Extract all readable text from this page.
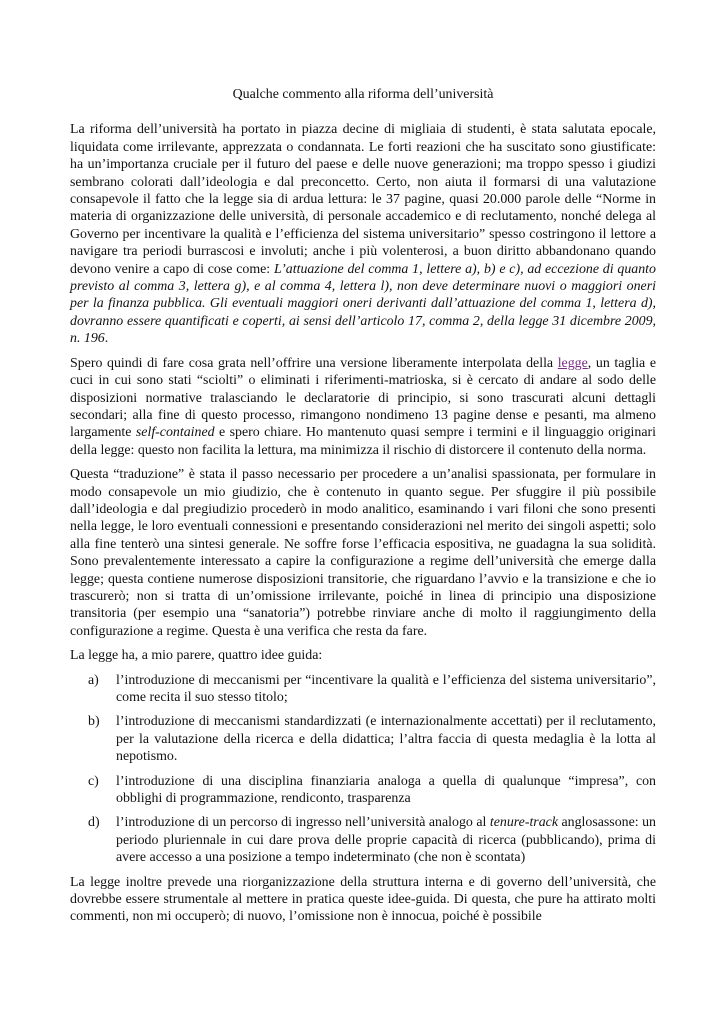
Qualche commento alla riforma dell’università

La riforma dell’università ha portato in piazza decine di migliaia di studenti, è stata salutata epocale, liquidata come irrilevante, apprezzata o condannata. Le forti reazioni che ha suscitato sono giustificate: ha un’importanza cruciale per il futuro del paese e delle nuove generazioni; ma troppo spesso i giudizi sembrano colorati dall’ideologia e dal preconcetto. Certo, non aiuta il formarsi di una valutazione consapevole il fatto che la legge sia di ardua lettura: le 37 pagine, quasi 20.000 parole delle “Norme in materia di organizzazione delle università, di personale accademico e di reclutamento, nonché delega al Governo per incentivare la qualità e l’efficienza del sistema universitario” spesso costringono il lettore a navigare tra periodi burrascosi e involuti; anche i più volenterosi, a buon diritto abbandonano quando devono venire a capo di cose come: L’attuazione del comma 1, lettere a), b) e c), ad eccezione di quanto previsto al comma 3, lettera g), e al comma 4, lettera l), non deve determinare nuovi o maggiori oneri per la finanza pubblica. Gli eventuali maggiori oneri derivanti dall’attuazione del comma 1, lettera d), dovranno essere quantificati e coperti, ai sensi dell’articolo 17, comma 2, della legge 31 dicembre 2009, n. 196.

Spero quindi di fare cosa grata nell’offrire una versione liberamente interpolata della legge, un taglia e cuci in cui sono stati “sciolti” o eliminati i riferimenti-matrioska, si è cercato di andare al sodo delle disposizioni normative tralasciando le declaratorie di principio, si sono trascurati alcuni dettagli secondari; alla fine di questo processo, rimangono nondimeno 13 pagine dense e pesanti, ma almeno largamente self-contained e spero chiare. Ho mantenuto quasi sempre i termini e il linguaggio originari della legge: questo non facilita la lettura, ma minimizza il rischio di distorcere il contenuto della norma.

Questa “traduzione” è stata il passo necessario per procedere a un’analisi spassionata, per formulare in modo consapevole un mio giudizio, che è contenuto in quanto segue. Per sfuggire il più possibile dall’ideologia e dal pregiudizio procederò in modo analitico, esaminando i vari filoni che sono presenti nella legge, le loro eventuali connessioni e presentando considerazioni nel merito dei singoli aspetti; solo alla fine tenterò una sintesi generale. Ne soffre forse l’efficacia espositiva, ne guadagna la sua solidità. Sono prevalentemente interessato a capire la configurazione a regime dell’università che emerge dalla legge; questa contiene numerose disposizioni transitorie, che riguardano l’avvio e la transizione e che io trascurerò; non si tratta di un’omissione irrilevante, poiché in linea di principio una disposizione transitoria (per esempio una “sanatoria”) potrebbe rinviare anche di molto il raggiungimento della configurazione a regime. Questa è una verifica che resta da fare.

La legge ha, a mio parere, quattro idee guida:

a) l’introduzione di meccanismi per “incentivare la qualità e l’efficienza del sistema universitario”, come recita il suo stesso titolo;
b) l’introduzione di meccanismi standardizzati (e internazionalmente accettati) per il reclutamento, per la valutazione della ricerca e della didattica; l’altra faccia di questa medaglia è la lotta al nepotismo.
c) l’introduzione di una disciplina finanziaria analoga a quella di qualunque “impresa”, con obblighi di programmazione, rendiconto, trasparenza
d) l’introduzione di un percorso di ingresso nell’università analogo al tenure-track anglosassone: un periodo pluriennale in cui dare prova delle proprie capacità di ricerca (pubblicando), prima di avere accesso a una posizione a tempo indeterminato (che non è scontata)

La legge inoltre prevede una riorganizzazione della struttura interna e di governo dell’università, che dovrebbe essere strumentale al mettere in pratica queste idee-guida. Di questa, che pure ha attirato molti commenti, non mi occuperò; di nuovo, l’omissione non è innocua, poiché è possibile
